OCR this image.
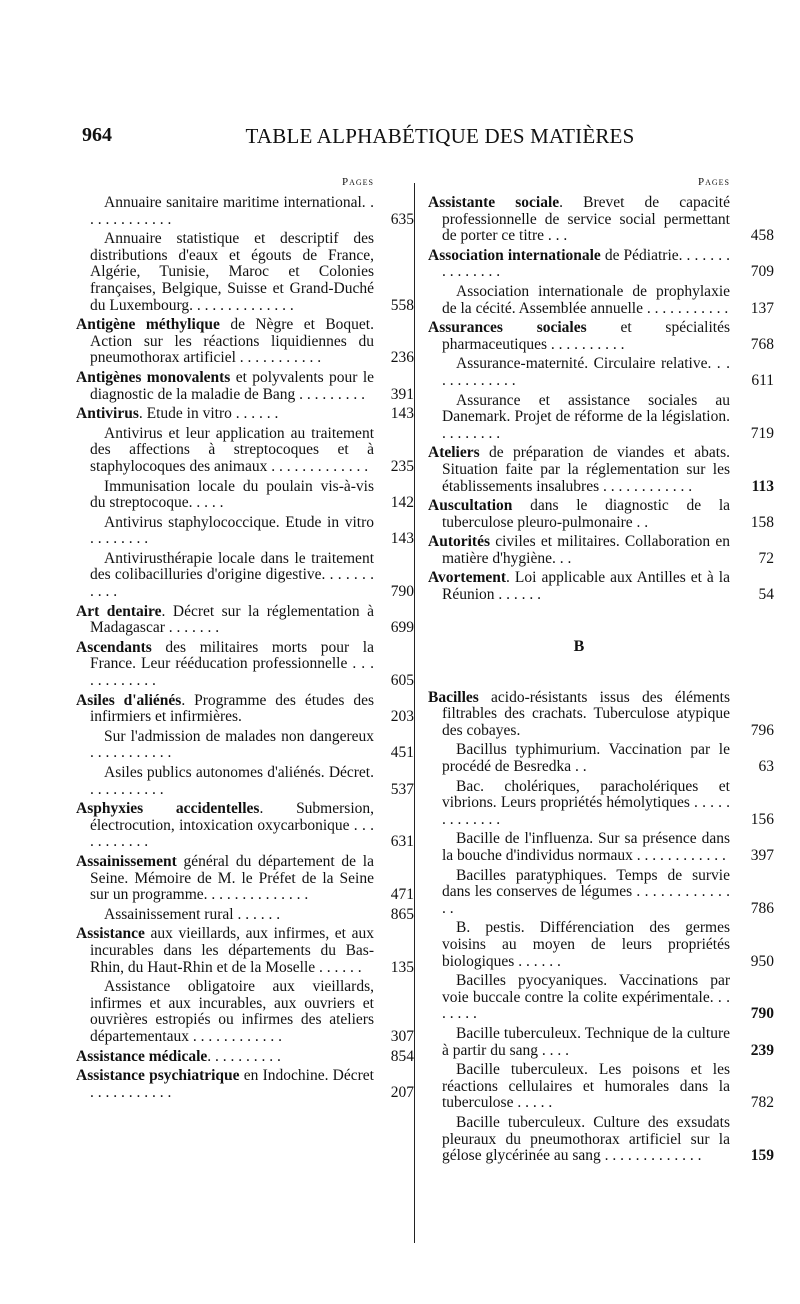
964	TABLE ALPHABÉTIQUE DES MATIÈRES
Pages
Annuaire sanitaire maritime international. . . . . . . . . . . . .	635
Annuaire statistique et descriptif des distributions d'eaux et égouts de France, Algérie, Tunisie, Maroc et Colonies françaises, Belgique, Suisse et Grand-Duché du Luxembourg. . . . . . . . . . . . . .	558
Antigène méthylique de Nègre et Boquet. Action sur les réactions liquidiennes du pneumothorax artificiel . . . . . . . . . . .	236
Antigènes monovalents et polyvalents pour le diagnostic de la maladie de Bang . . . . . . . . .	391
Antivirus. Etude in vitro . . . . . .	143
Antivirus et leur application au traitement des affections à streptocoques et à staphylocoques des animaux . . . . . . . . . . . . .	235
Immunisation locale du poulain vis-à-vis du streptocoque. . . . .	142
Antivirus staphylococcique. Etude in vitro . . . . . . . .	143
Antivirusthérapie locale dans le traitement des colibacilluries d'origine digestive. . . . . . . . . . .	790
Art dentaire. Décret sur la réglementation à Madagascar . . . . . . .	699
Ascendants des militaires morts pour la France. Leur rééducation professionnelle . . . . . . . . . . . .	605
Asiles d'aliénés. Programme des études des infirmiers et infirmières.	203
Sur l'admission de malades non dangereux . . . . . . . . . . .	451
Asiles publics autonomes d'aliénés. Décret. . . . . . . . . . .	537
Asphyxies accidentelles. Submersion, électrocution, intoxication oxycarbonique . . . . . . . . . . .	631
Assainissement général du département de la Seine. Mémoire de M. le Préfet de la Seine sur un programme. . . . . . . . . . . . . .	471
Assainissement rural . . . . . .	865
Assistance aux vieillards, aux infirmes, et aux incurables dans les départements du Bas-Rhin, du Haut-Rhin et de la Moselle . . . . . .	135
Assistance obligatoire aux vieillards, infirmes et aux incurables, aux ouvriers et ouvrières estropiés ou infirmes des ateliers départementaux . . . . . . . . . . . .	307
Assistance médicale. . . . . . . . . .	854
Assistance psychiatrique en Indochine. Décret . . . . . . . . . . .	207
Pages
Assistante sociale. Brevet de capacité professionnelle de service social permettant de porter ce titre . . .	458
Association internationale de Pédiatrie. . . . . . . . . . . . . . .	709
Association internationale de prophylaxie de la cécité. Assemblée annuelle . . . . . . . . . . .	137
Assurances sociales et spécialités pharmaceutiques . . . . . . . . . .	768
Assurance-maternité. Circulaire relative. . . . . . . . . . . . .	611
Assurance et assistance sociales au Danemark. Projet de réforme de la législation. . . . . . . . .	719
Ateliers de préparation de viandes et abats. Situation faite par la réglementation sur les établissements insalubres . . . . . . . . . . . .	113
Auscultation dans le diagnostic de la tuberculose pleuro-pulmonaire . .	158
Autorités civiles et militaires. Collaboration en matière d'hygiène. . .	72
Avortement. Loi applicable aux Antilles et à la Réunion . . . . . .	54
B
Bacilles acido-résistants issus des éléments filtrables des crachats. Tuberculose atypique des cobayes.	796
Bacillus typhimurium. Vaccination par le procédé de Besredka . .	63
Bac. cholériques, paracholériques et vibrions. Leurs propriétés hémolytiques . . . . . . . . . . . . .	156
Bacille de l'influenza. Sur sa présence dans la bouche d'individus normaux . . . . . . . . . . . .	397
Bacilles paratyphiques. Temps de survie dans les conserves de légumes . . . . . . . . . . . . . .	786
B. pestis. Différenciation des germes voisins au moyen de leurs propriétés biologiques . . . . . .	950
Bacilles pyocyaniques. Vaccinations par voie buccale contre la colite expérimentale. . . . . . . .	790
Bacille tuberculeux. Technique de la culture à partir du sang . . . .	239
Bacille tuberculeux. Les poisons et les réactions cellulaires et humorales dans la tuberculose . . . . .	782
Bacille tuberculeux. Culture des exsudats pleuraux du pneumothorax artificiel sur la gélose glycérinée au sang . . . . . . . . . . . . .	159
